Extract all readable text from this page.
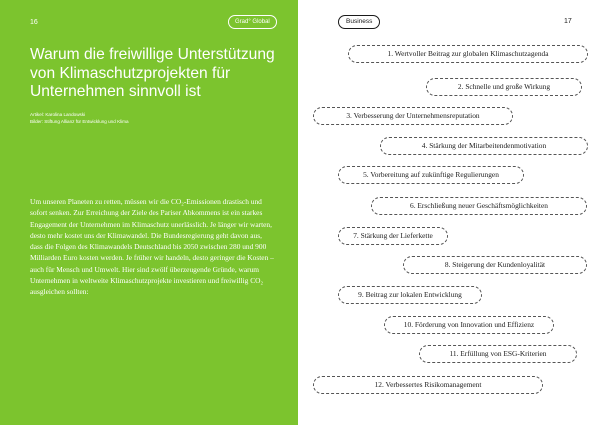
16	Grad° Global
Warum die freiwillige Unterstützung von Klimaschutzprojekten für Unternehmen sinnvoll ist
Artikel: Karolina Landowski
Bilder: Stiftung Allianz für Entwicklung und Klima

Um unseren Planeten zu retten, müssen wir die CO₂-Emissionen drastisch und sofort senken. Zur Erreichung der Ziele des Pariser Abkommens ist ein starkes Engagement der Unternehmen im Klimaschutz unerlässlich. Je länger wir warten, desto mehr kostet uns der Klimawandel. Die Bundesregierung geht davon aus, dass die Folgen des Klimawandels Deutschland bis 2050 zwischen 280 und 900 Milliarden Euro kosten werden. Je früher wir handeln, desto geringer die Kosten – auch für Mensch und Umwelt. Hier sind zwölf überzeugende Gründe, warum Unternehmen in weltweite Klimaschutzprojekte investieren und freiwillig CO₂ ausgleichen sollten:

Business	17
1. Wertvoller Beitrag zur globalen Klimaschutzagenda
2. Schnelle und große Wirkung
3. Verbesserung der Unternehmensreputation
4. Stärkung der Mitarbeitendenmotivation
5. Vorbereitung auf zukünftige Regulierungen
6. Erschließung neuer Geschäftsmöglichkeiten
7. Stärkung der Lieferkette
8. Steigerung der Kundenloyalität
9. Beitrag zur lokalen Entwicklung
10. Förderung von Innovation und Effizienz
11. Erfüllung von ESG-Kriterien
12. Verbessertes Risikomanagement
